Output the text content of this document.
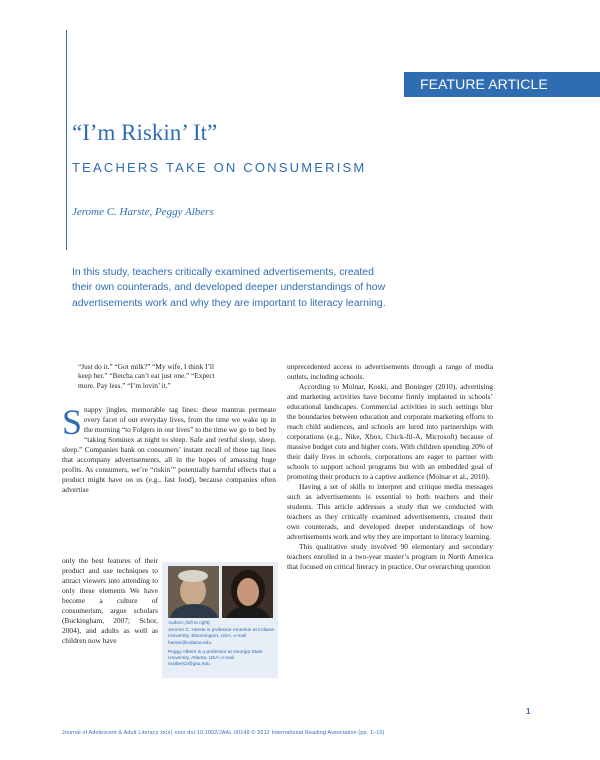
FEATURE ARTICLE
“I’m Riskin’ It”
TEACHERS TAKE ON CONSUMERISM
Jerome C. Harste, Peggy Albers
In this study, teachers critically examined advertisements, created
their own counterads, and developed deeper understandings of how
advertisements work and why they are important to literacy learning.
“Just do it.” “Got milk?” “My wife, I think I’ll
keep her.” “Betcha can’t eat just one.” “Expect
more. Pay less.” “I’m lovin’ it.”
S nappy jingles, memorable tag lines: these mantras permeate every facet of our everyday lives, from the time we wake up in the morning “to Folgers in our lives” to the time we go to bed by “taking Sominex at night to sleep. Safe and restful sleep, sleep, sleep.” Companies bank on consumers’ instant recall of these tag lines that accompany advertisements, all in the hopes of amassing huge profits. As consumers, we’re “riskin’” potentially harmful effects that a product might have on us (e.g., fast food), because companies often advertise
only the best features of their product and use techniques to attract viewers into attending to only these elements We have become a culture of consumerism, argue scholars (Buckingham, 2007; Schor, 2004), and adults as well as children now have
Authors (left to right)
Jerome C. Harste is professor emeritus at Indiana University, Bloomington, USA; e-mail harste@indiana.edu.
Peggy Albers is a professor at Georgia State University, Atlanta, USA; e-mail malbers2@gsu.edu.

unprecedented access to advertisements through a range of media outlets, including schools.

According to Molnar, Koski, and Boninger (2010), advertising and marketing activities have become firmly implanted in schools’ educational landscapes. Commercial activities in such settings blur the boundaries between education and corporate marketing efforts to reach child audiences, and schools are lured into partnerships with corporations (e.g., Nike, Xbox, Chick-fil-A, Microsoft) because of massive budget cuts and higher costs. With children spending 20% of their daily lives in schools, corporations are eager to partner with schools to support school programs but with an embedded goal of promoting their products to a captive audience (Molnar et al., 2010).

Having a set of skills to interpret and critique media messages such as advertisements is essential to both teachers and their students. This article addresses a study that we conducted with teachers as they critically examined advertisements, created their own counterads, and developed deeper understandings of how advertisements work and why they are important to literacy learning.

This qualitative study involved 90 elementary and secondary teachers enrolled in a two-year master’s program in North America that focused on critical literacy in practice. Our overarching question

1
Journal of Adolescent & Adult Literacy xx(x) xxxx doi:10.1002/JAAL.00149 © 2012 International Reading Association (pp. 1–10)
